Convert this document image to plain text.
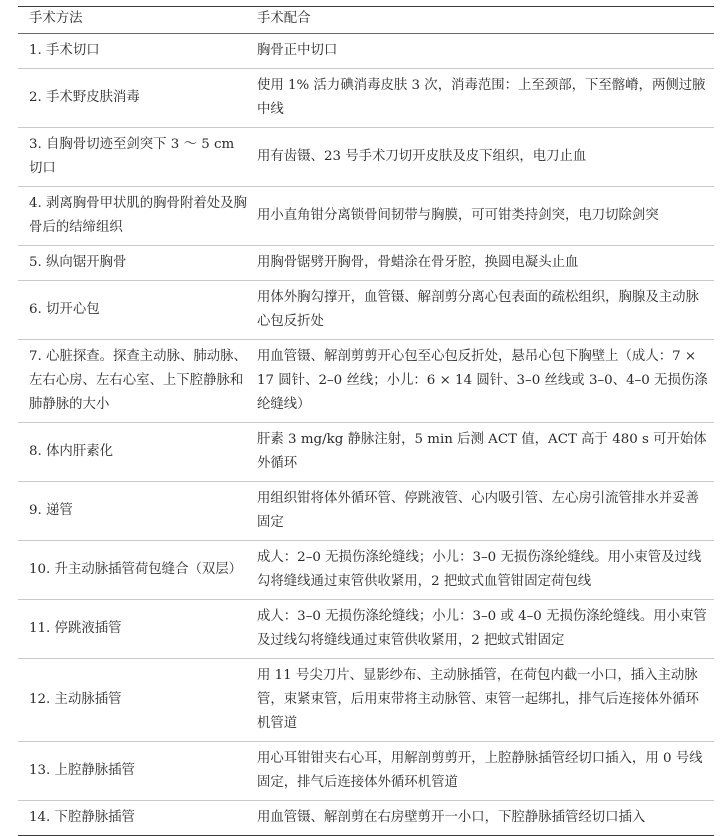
手术方法	手术配合
1. 手术切口	胸骨正中切口
2. 手术野皮肤消毒	使用 1% 活力碘消毒皮肤 3 次，消毒范围：上至颈部，下至髂嵴，两侧过腋中线
3. 自胸骨切迹至剑突下 3 ～ 5 cm 切口	用有齿镊、23 号手术刀切开皮肤及皮下组织，电刀止血
4. 剥离胸骨甲状肌的胸骨附着处及胸骨后的结缔组织	用小直角钳分离锁骨间韧带与胸膜，可可钳类持剑突，电刀切除剑突
5. 纵向锯开胸骨	用胸骨锯劈开胸骨，骨蜡涂在骨牙腔，换圆电凝头止血
6. 切开心包	用体外胸勾撑开，血管镊、解剖剪分离心包表面的疏松组织，胸腺及主动脉心包反折处
7. 心脏探查。探查主动脉、肺动脉、左右心房、左右心室、上下腔静脉和肺静脉的大小	用血管镊、解剖剪剪开心包至心包反折处，悬吊心包下胸壁上（成人：7 × 17 圆针、2–0 丝线；小儿：6 × 14 圆针、3–0 丝线或 3–0、4–0 无损伤涤纶缝线）
8. 体内肝素化	肝素 3 mg/kg 静脉注射，5 min 后测 ACT 值，ACT 高于 480 s 可开始体外循环
9. 递管	用组织钳将体外循环管、停跳液管、心内吸引管、左心房引流管排水并妥善固定
10. 升主动脉插管荷包缝合（双层）	成人：2–0 无损伤涤纶缝线；小儿：3–0 无损伤涤纶缝线。用小束管及过线勾将缝线通过束管供收紧用，2 把蚊式血管钳固定荷包线
11. 停跳液插管	成人：3–0 无损伤涤纶缝线；小儿：3–0 或 4–0 无损伤涤纶缝线。用小束管及过线勾将缝线通过束管供收紧用，2 把蚊式钳固定
12. 主动脉插管	用 11 号尖刀片、显影纱布、主动脉插管，在荷包内截一小口，插入主动脉管，束紧束管，后用束带将主动脉管、束管一起绑扎，排气后连接体外循环机管道
13. 上腔静脉插管	用心耳钳钳夹右心耳，用解剖剪剪开，上腔静脉插管经切口插入，用 0 号线固定，排气后连接体外循环机管道
14. 下腔静脉插管	用血管镊、解剖剪在右房壁剪开一小口，下腔静脉插管经切口插入
